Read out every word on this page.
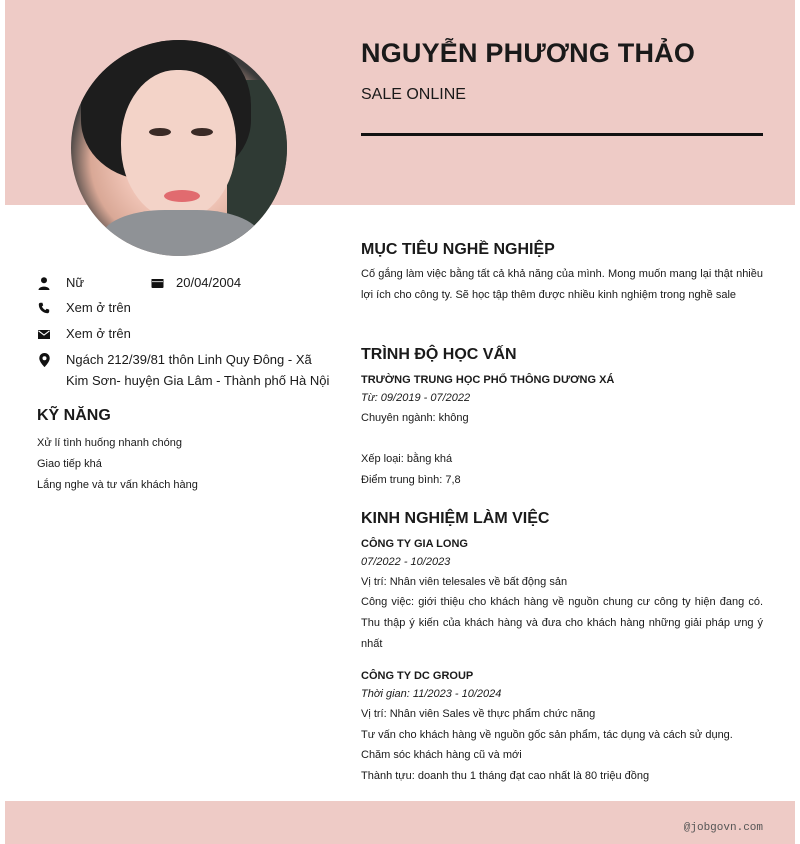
NGUYỄN PHƯƠNG THẢO
SALE ONLINE
Nữ	20/04/2004
Xem ở trên
Xem ở trên
Ngách 212/39/81 thôn Linh Quy Đông - Xã
Kim Sơn- huyện Gia Lâm - Thành phố Hà Nội
KỸ NĂNG
Xử lí tình huống nhanh chóng
Giao tiếp khá
Lắng nghe và tư vấn khách hàng
MỤC TIÊU NGHỀ NGHIỆP
Cố gắng làm việc bằng tất cả khả năng của mình. Mong muốn mang lại thật nhiều lợi ích cho công ty. Sẽ học tập thêm được nhiều kinh nghiệm trong nghề sale
TRÌNH ĐỘ HỌC VẤN
TRƯỜNG TRUNG HỌC PHỔ THÔNG DƯƠNG XÁ
Từ: 09/2019 - 07/2022
Chuyên ngành: không
Xếp loại: bằng khá
Điểm trung bình: 7,8
KINH NGHIỆM LÀM VIỆC
CÔNG TY GIA LONG
07/2022 - 10/2023
Vị trí: Nhân viên telesales về bất động sản
Công việc: giới thiệu cho khách hàng về nguồn chung cư công ty hiện đang có. Thu thập ý kiến của khách hàng và đưa cho khách hàng những giải pháp ưng ý nhất
CÔNG TY DC GROUP
Thời gian: 11/2023 - 10/2024
Vị trí: Nhân viên Sales về thực phẩm chức năng
Tư vấn cho khách hàng về nguồn gốc sản phẩm, tác dụng và cách sử dụng.
Chăm sóc khách hàng cũ và mới
Thành tựu: doanh thu 1 tháng đạt cao nhất là 80 triệu đồng
@jobgovn.com
